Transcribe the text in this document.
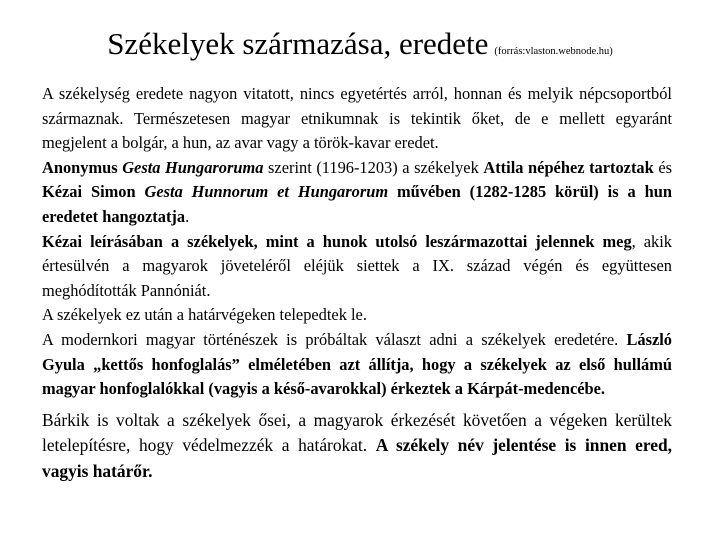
Székelyek származása, eredete (forrás:vlaston.webnode.hu)

A székelység eredete nagyon vitatott, nincs egyetértés arról, honnan és melyik népcsoportból származnak. Természetesen magyar etnikumnak is tekintik őket, de e mellett egyaránt megjelent a bolgár, a hun, az avar vagy a török-kavar eredet.

Anonymus Gesta Hungaroruma szerint (1196-1203) a székelyek Attila népéhez tartoztak és Kézai Simon Gesta Hunnorum et Hungarorum művében (1282-1285 körül) is a hun eredetet hangoztatja.

Kézai leírásában a székelyek, mint a hunok utolsó leszármazottai jelennek meg, akik értesülvén a magyarok jöveteléről eléjük siettek a IX. század végén és együttesen meghódították Pannóniát.

A székelyek ez után a határvégeken telepedtek le.

A modernkori magyar történészek is próbáltak választ adni a székelyek eredetére. László Gyula „kettős honfoglalás” elméletében azt állítja, hogy a székelyek az első hullámú magyar honfoglalókkal (vagyis a késő-avarokkal) érkeztek a Kárpát-medencébe.

Bárkik is voltak a székelyek ősei, a magyarok érkezését követően a végeken kerültek letelepítésre, hogy védelmezzék a határokat. A székely név jelentése is innen ered, vagyis határőr.
